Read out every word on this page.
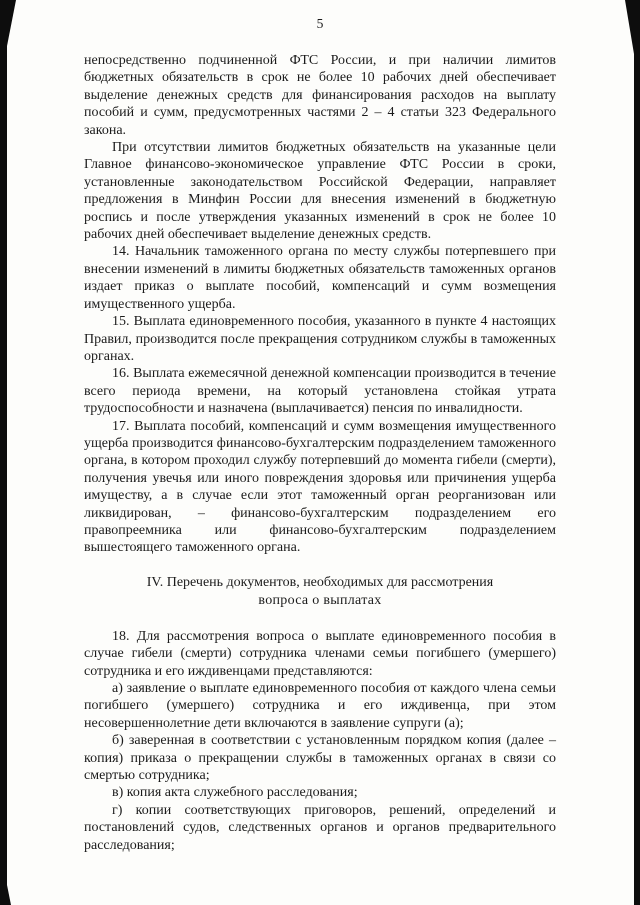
5

непосредственно подчиненной ФТС России, и при наличии лимитов бюджетных обязательств в срок не более 10 рабочих дней обеспечивает выделение денежных средств для финансирования расходов на выплату пособий и сумм, предусмотренных частями 2 – 4 статьи 323 Федерального закона.

При отсутствии лимитов бюджетных обязательств на указанные цели Главное финансово-экономическое управление ФТС России в сроки, установленные законодательством Российской Федерации, направляет предложения в Минфин России для внесения изменений в бюджетную роспись и после утверждения указанных изменений в срок не более 10 рабочих дней обеспечивает выделение денежных средств.

14. Начальник таможенного органа по месту службы потерпевшего при внесении изменений в лимиты бюджетных обязательств таможенных органов издает приказ о выплате пособий, компенсаций и сумм возмещения имущественного ущерба.

15. Выплата единовременного пособия, указанного в пункте 4 настоящих Правил, производится после прекращения сотрудником службы в таможенных органах.

16. Выплата ежемесячной денежной компенсации производится в течение всего периода времени, на который установлена стойкая утрата трудоспособности и назначена (выплачивается) пенсия по инвалидности.

17. Выплата пособий, компенсаций и сумм возмещения имущественного ущерба производится финансово-бухгалтерским подразделением таможенного органа, в котором проходил службу потерпевший до момента гибели (смерти), получения увечья или иного повреждения здоровья или причинения ущерба имуществу, а в случае если этот таможенный орган реорганизован или ликвидирован, – финансово-бухгалтерским подразделением его правопреемника или финансово-бухгалтерским подразделением вышестоящего таможенного органа.

IV. Перечень документов, необходимых для рассмотрения
вопроса о выплатах

18. Для рассмотрения вопроса о выплате единовременного пособия в случае гибели (смерти) сотрудника членами семьи погибшего (умершего) сотрудника и его иждивенцами представляются:

а) заявление о выплате единовременного пособия от каждого члена семьи погибшего (умершего) сотрудника и его иждивенца, при этом несовершеннолетние дети включаются в заявление супруги (а);

б) заверенная в соответствии с установленным порядком копия (далее – копия) приказа о прекращении службы в таможенных органах в связи со смертью сотрудника;

в) копия акта служебного расследования;

г) копии соответствующих приговоров, решений, определений и постановлений судов, следственных органов и органов предварительного расследования;
